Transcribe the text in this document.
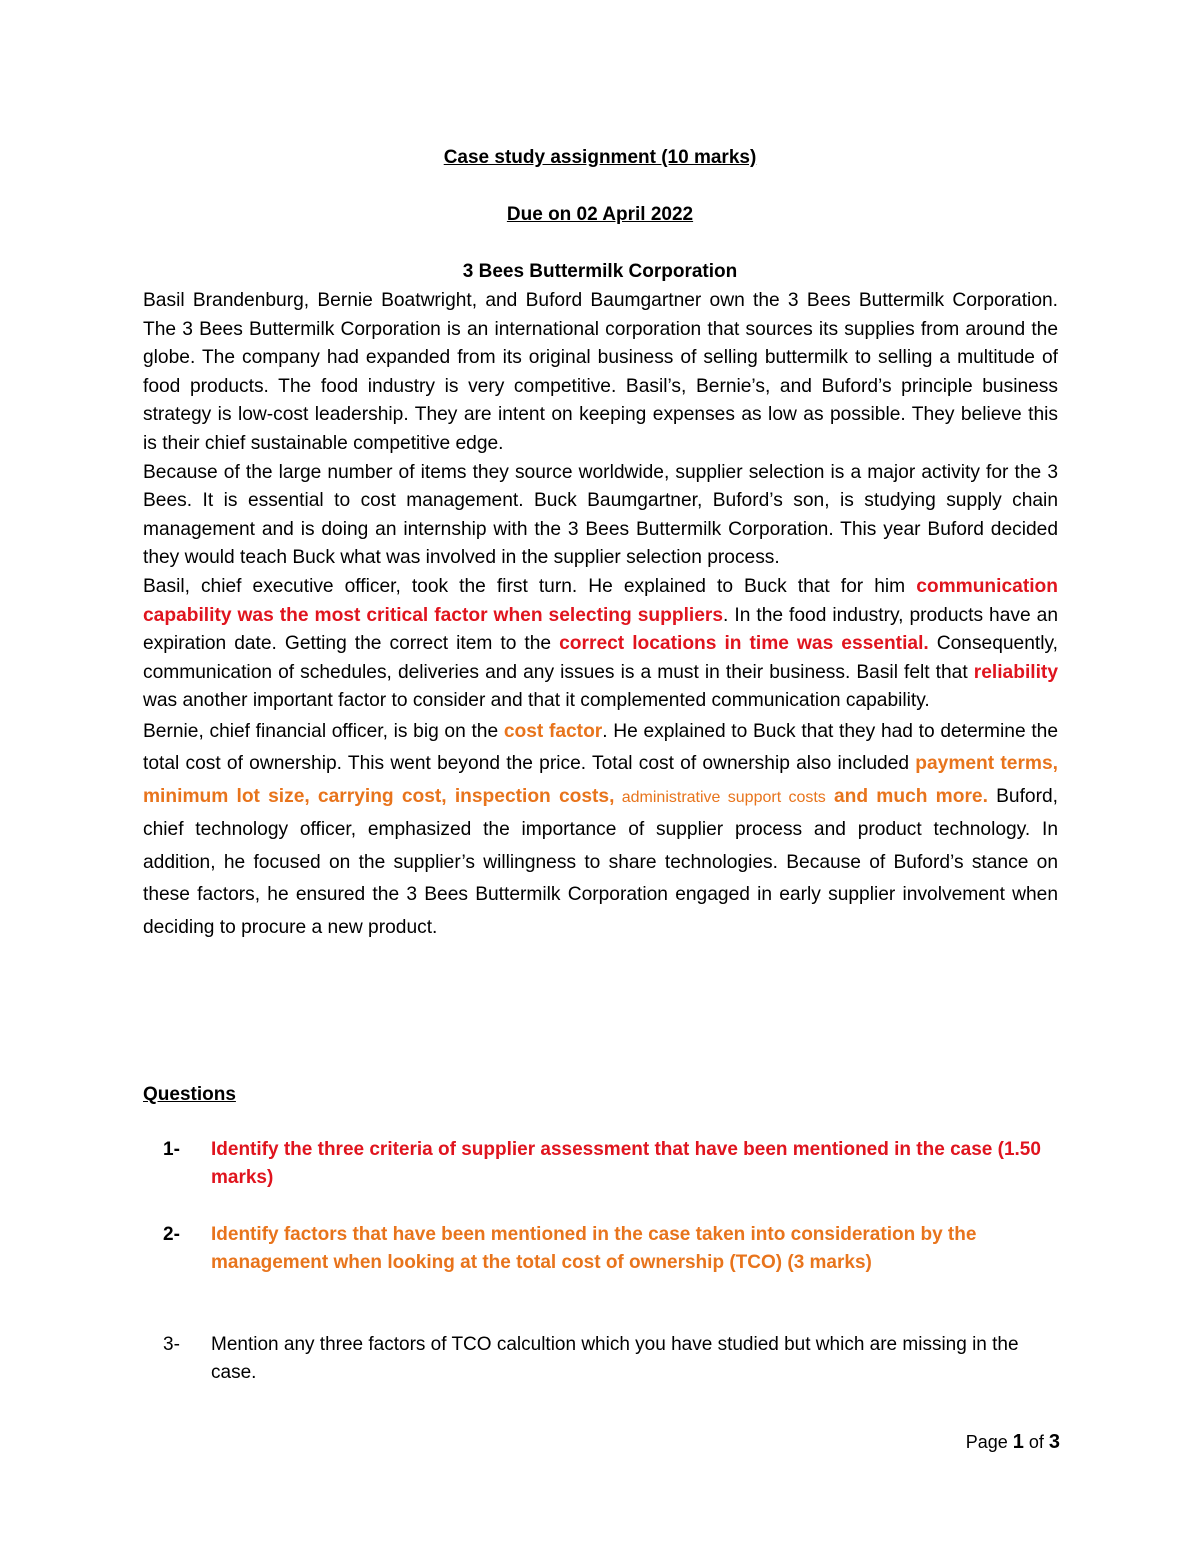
Case study assignment (10 marks)
Due on 02 April 2022
3 Bees Buttermilk Corporation

Basil Brandenburg, Bernie Boatwright, and Buford Baumgartner own the 3 Bees Buttermilk Corporation. The 3 Bees Buttermilk Corporation is an international corporation that sources its supplies from around the globe. The company had expanded from its original business of selling buttermilk to selling a multitude of food products. The food industry is very competitive. Basil’s, Bernie’s, and Buford’s principle business strategy is low-cost leadership. They are intent on keeping expenses as low as possible. They believe this is their chief sustainable competitive edge.

Because of the large number of items they source worldwide, supplier selection is a major activity for the 3 Bees. It is essential to cost management. Buck Baumgartner, Buford’s son, is studying supply chain management and is doing an internship with the 3 Bees Buttermilk Corporation. This year Buford decided they would teach Buck what was involved in the supplier selection process.

Basil, chief executive officer, took the first turn. He explained to Buck that for him communication capability was the most critical factor when selecting suppliers. In the food industry, products have an expiration date. Getting the correct item to the correct locations in time was essential. Consequently, communication of schedules, deliveries and any issues is a must in their business. Basil felt that reliability was another important factor to consider and that it complemented communication capability.

Bernie, chief financial officer, is big on the cost factor. He explained to Buck that they had to determine the total cost of ownership. This went beyond the price. Total cost of ownership also included payment terms, minimum lot size, carrying cost, inspection costs, administrative support costs and much more. Buford, chief technology officer, emphasized the importance of supplier process and product technology. In addition, he focused on the supplier’s willingness to share technologies. Because of Buford’s stance on these factors, he ensured the 3 Bees Buttermilk Corporation engaged in early supplier involvement when deciding to procure a new product.

Questions
1- Identify the three criteria of supplier assessment that have been mentioned in the case (1.50 marks)
2- Identify factors that have been mentioned in the case taken into consideration by the management when looking at the total cost of ownership (TCO) (3 marks)
3- Mention any three factors of TCO calcultion which you have studied but which are missing in the case.
Page 1 of 3
